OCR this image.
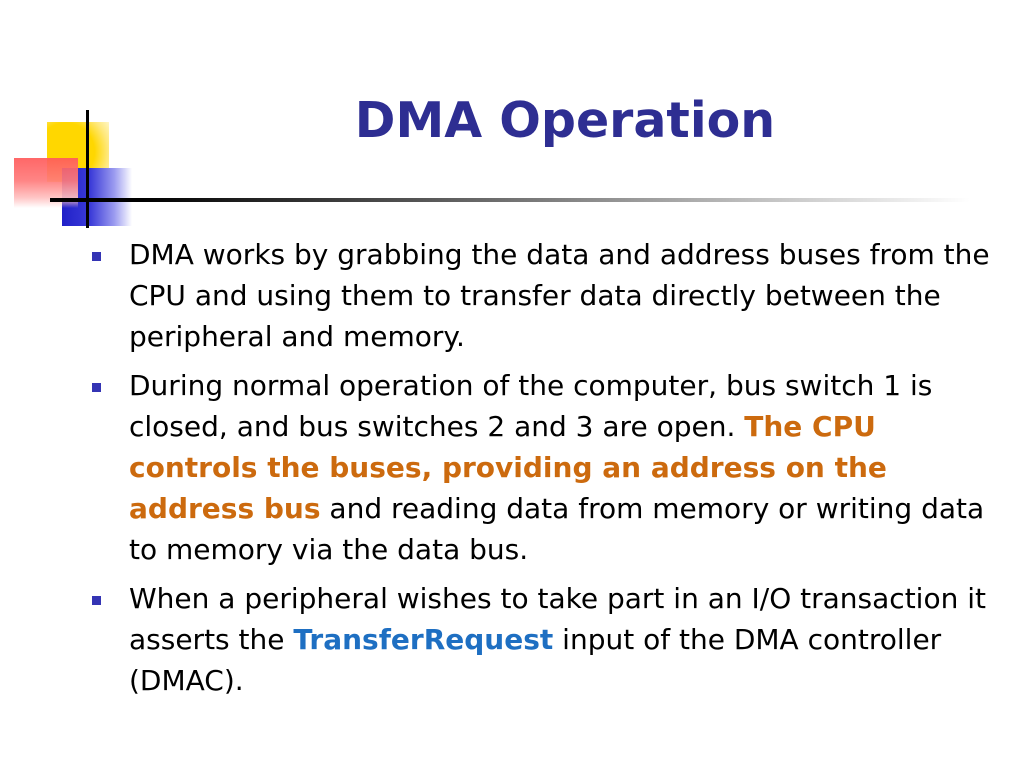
DMA Operation
DMA works by grabbing the data and address buses from the CPU and using them to transfer data directly between the peripheral and memory.
During normal operation of the computer, bus switch 1 is closed, and bus switches 2 and 3 are open. The CPU controls the buses, providing an address on the address bus and reading data from memory or writing data to memory via the data bus.
When a peripheral wishes to take part in an I/O transaction it asserts the TransferRequest input of the DMA controller (DMAC).
